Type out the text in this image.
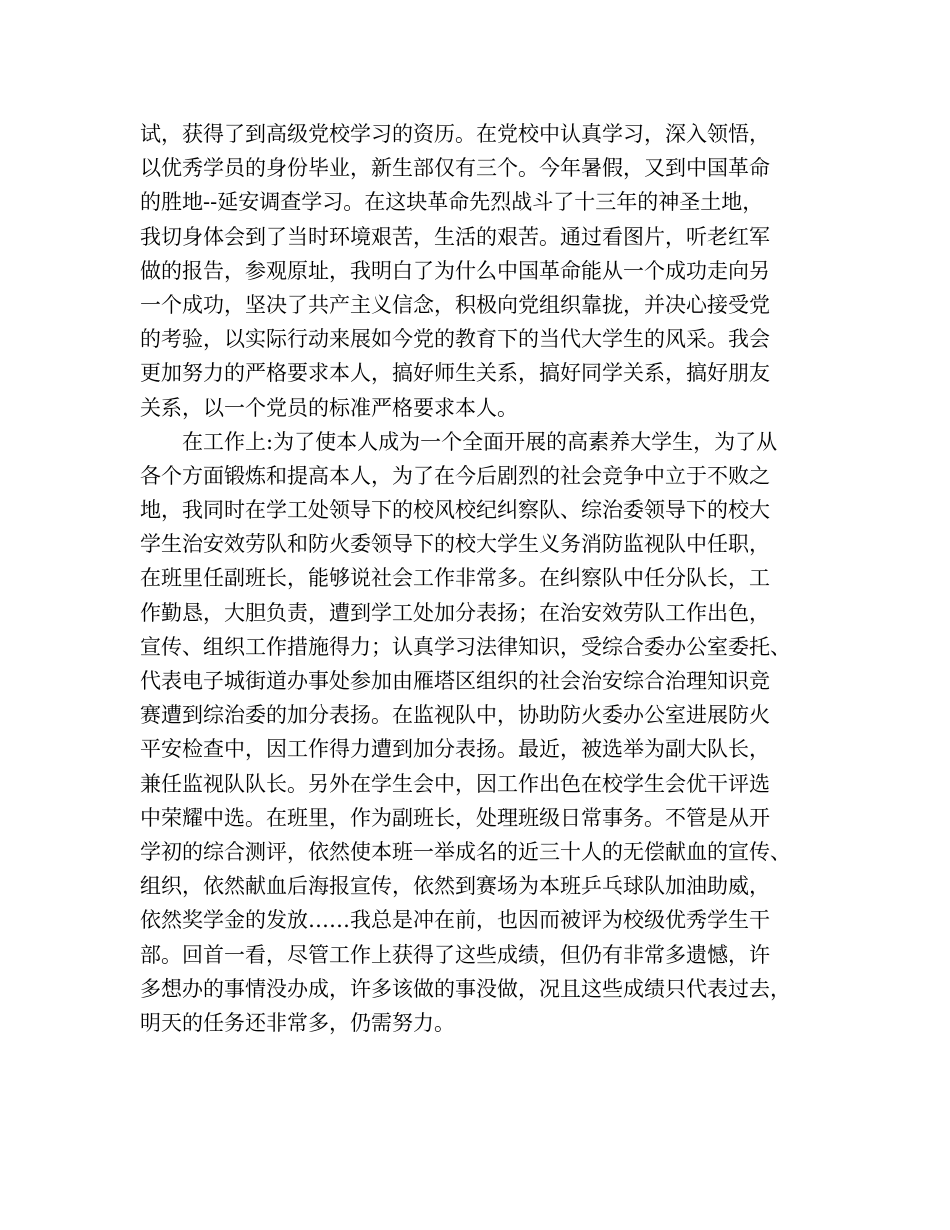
试，获得了到高级党校学习的资历。在党校中认真学习，深入领悟，
以优秀学员的身份毕业，新生部仅有三个。今年暑假，又到中国革命
的胜地--延安调查学习。在这块革命先烈战斗了十三年的神圣土地，
我切身体会到了当时环境艰苦，生活的艰苦。通过看图片，听老红军
做的报告，参观原址，我明白了为什么中国革命能从一个成功走向另
一个成功，坚决了共产主义信念，积极向党组织靠拢，并决心接受党
的考验，以实际行动来展如今党的教育下的当代大学生的风采。我会
更加努力的严格要求本人，搞好师生关系，搞好同学关系，搞好朋友
关系，以一个党员的标准严格要求本人。
　　在工作上:为了使本人成为一个全面开展的高素养大学生，为了从
各个方面锻炼和提高本人，为了在今后剧烈的社会竞争中立于不败之
地，我同时在学工处领导下的校风校纪纠察队、综治委领导下的校大
学生治安效劳队和防火委领导下的校大学生义务消防监视队中任职，
在班里任副班长，能够说社会工作非常多。在纠察队中任分队长，工
作勤恳，大胆负责，遭到学工处加分表扬；在治安效劳队工作出色，
宣传、组织工作措施得力；认真学习法律知识，受综合委办公室委托、
代表电子城街道办事处参加由雁塔区组织的社会治安综合治理知识竞
赛遭到综治委的加分表扬。在监视队中，协助防火委办公室进展防火
平安检查中，因工作得力遭到加分表扬。最近，被选举为副大队长，
兼任监视队队长。另外在学生会中，因工作出色在校学生会优干评选
中荣耀中选。在班里，作为副班长，处理班级日常事务。不管是从开
学初的综合测评，依然使本班一举成名的近三十人的无偿献血的宣传、
组织，依然献血后海报宣传，依然到赛场为本班乒乓球队加油助威，
依然奖学金的发放……我总是冲在前，也因而被评为校级优秀学生干
部。回首一看，尽管工作上获得了这些成绩，但仍有非常多遗憾，许
多想办的事情没办成，许多该做的事没做，况且这些成绩只代表过去，
明天的任务还非常多，仍需努力。
